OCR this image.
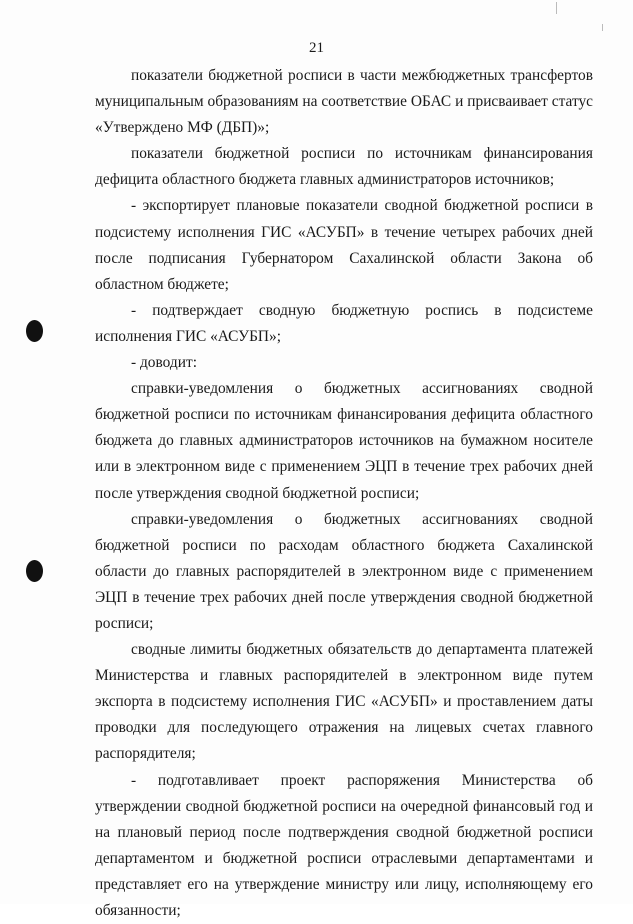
21

показатели бюджетной росписи в части межбюджетных трансфертов муниципальным образованиям на соответствие ОБАС и присваивает статус «Утверждено МФ (ДБП)»;

показатели бюджетной росписи по источникам финансирования дефицита областного бюджета главных администраторов источников;

- экспортирует плановые показатели сводной бюджетной росписи в подсистему исполнения ГИС «АСУБП» в течение четырех рабочих дней после подписания Губернатором Сахалинской области Закона об областном бюджете;

- подтверждает сводную бюджетную роспись в подсистеме исполнения ГИС «АСУБП»;

- доводит:

справки-уведомления о бюджетных ассигнованиях сводной бюджетной росписи по источникам финансирования дефицита областного бюджета до главных администраторов источников на бумажном носителе или в электронном виде с применением ЭЦП в течение трех рабочих дней после утверждения сводной бюджетной росписи;

справки-уведомления о бюджетных ассигнованиях сводной бюджетной росписи по расходам областного бюджета Сахалинской области до главных распорядителей в электронном виде с применением ЭЦП в течение трех рабочих дней после утверждения сводной бюджетной росписи;

сводные лимиты бюджетных обязательств до департамента платежей Министерства и главных распорядителей в электронном виде путем экспорта в подсистему исполнения ГИС «АСУБП» и проставлением даты проводки для последующего отражения на лицевых счетах главного распорядителя;

- подготавливает проект распоряжения Министерства об утверждении сводной бюджетной росписи на очередной финансовый год и на плановый период после подтверждения сводной бюджетной росписи департаментом и бюджетной росписи отраслевыми департаментами и представляет его на утверждение министру или лицу, исполняющему его обязанности;
